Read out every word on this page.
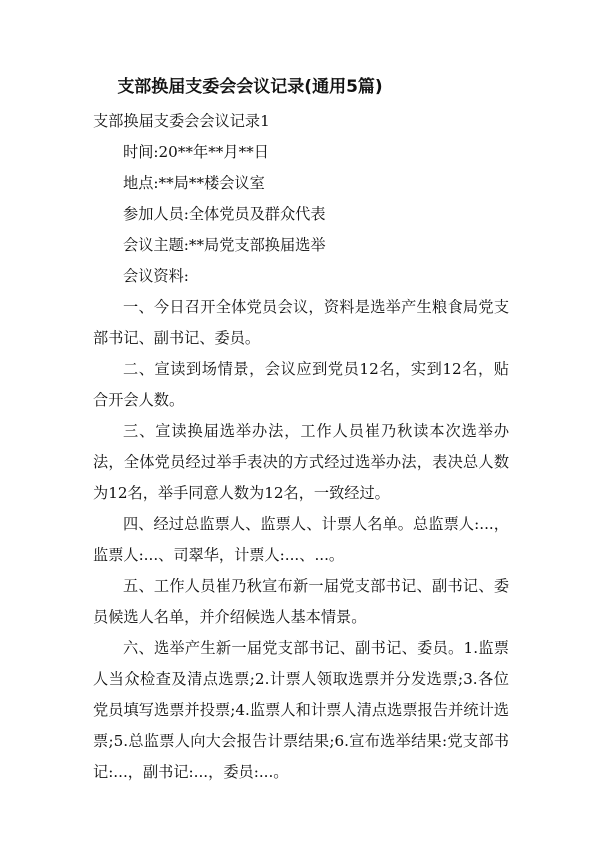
支部换届支委会会议记录(通用5篇)

支部换届支委会会议记录1

时间:20**年**月**日

地点:**局**楼会议室

参加人员:全体党员及群众代表

会议主题:**局党支部换届选举

会议资料:

一、今日召开全体党员会议，资料是选举产生粮食局党支部书记、副书记、委员。

二、宣读到场情景，会议应到党员12名，实到12名，贴合开会人数。

三、宣读换届选举办法，工作人员崔乃秋读本次选举办法，全体党员经过举手表决的方式经过选举办法，表决总人数为12名，举手同意人数为12名，一致经过。

四、经过总监票人、监票人、计票人名单。总监票人:...，监票人:...、司翠华，计票人:...、...。

五、工作人员崔乃秋宣布新一届党支部书记、副书记、委员候选人名单，并介绍候选人基本情景。

六、选举产生新一届党支部书记、副书记、委员。1.监票人当众检查及清点选票;2.计票人领取选票并分发选票;3.各位党员填写选票并投票;4.监票人和计票人清点选票报告并统计选票;5.总监票人向大会报告计票结果;6.宣布选举结果:党支部书记:...，副书记:...，委员:...。
